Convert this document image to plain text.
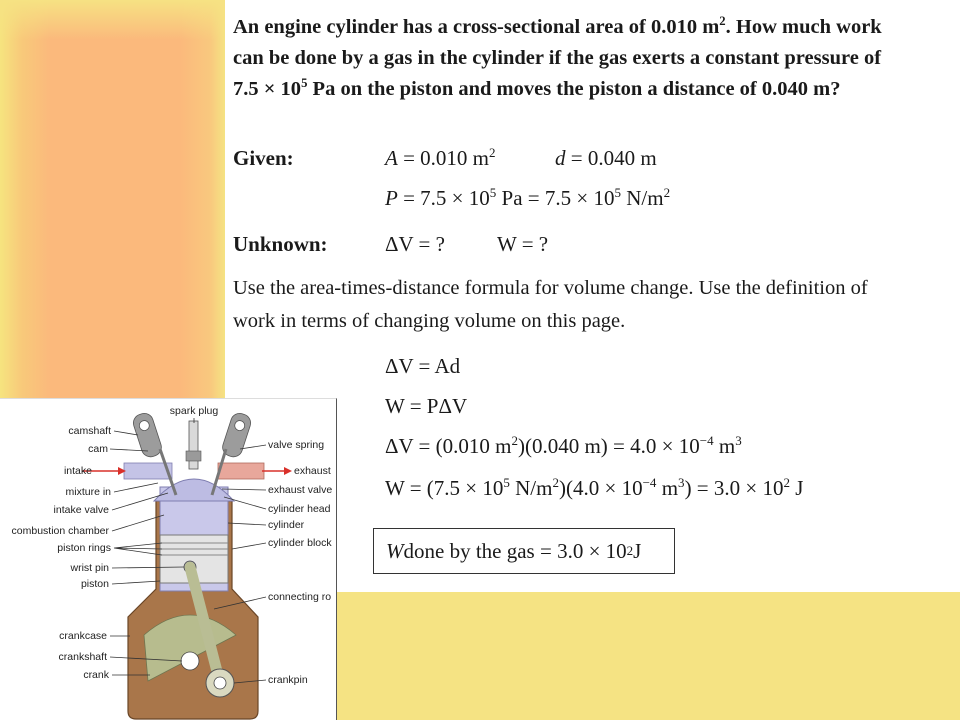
An engine cylinder has a cross-sectional area of 0.010 $m^2$. How much work
can be done by a gas in the cylinder if the gas exerts a constant pressure of
$7.5 \times 10^5$ Pa on the piston and moves the piston a distance of 0.040 m?
Given:	A = 0.010 $m^2$	d = 0.040 m
$P = 7.5 \times 10^5$ $Pa = 7.5 \times 10^5$ $N/m^2$
Unknown:	ΔV = ? W = ?
Use the area-times-distance formula for volume change. Use the definition of
work in terms of changing volume on this page.
ΔV = Ad
W = PΔV
ΔV = (0.010 $m^2)(0.040$ $m) = 4.0 \times 10^{-4}$ $m^3$
$W = (7.5 \times 10^5$ $N/m^2)(4.0 \times 10^{-4}$ $m^3) = 3.0 \times 10^2$ J
W done by the gas = 3.0 × 10 2 J
spark plug
camshaft
cam
intake
mixture in
intake valve
combustion chamber
piston rings
wrist pin
piston
crankcase
crankshaft
crank
valve spring
exhaust
exhaust valve
cylinder head
cylinder
cylinder block
connecting ro
crankpin
